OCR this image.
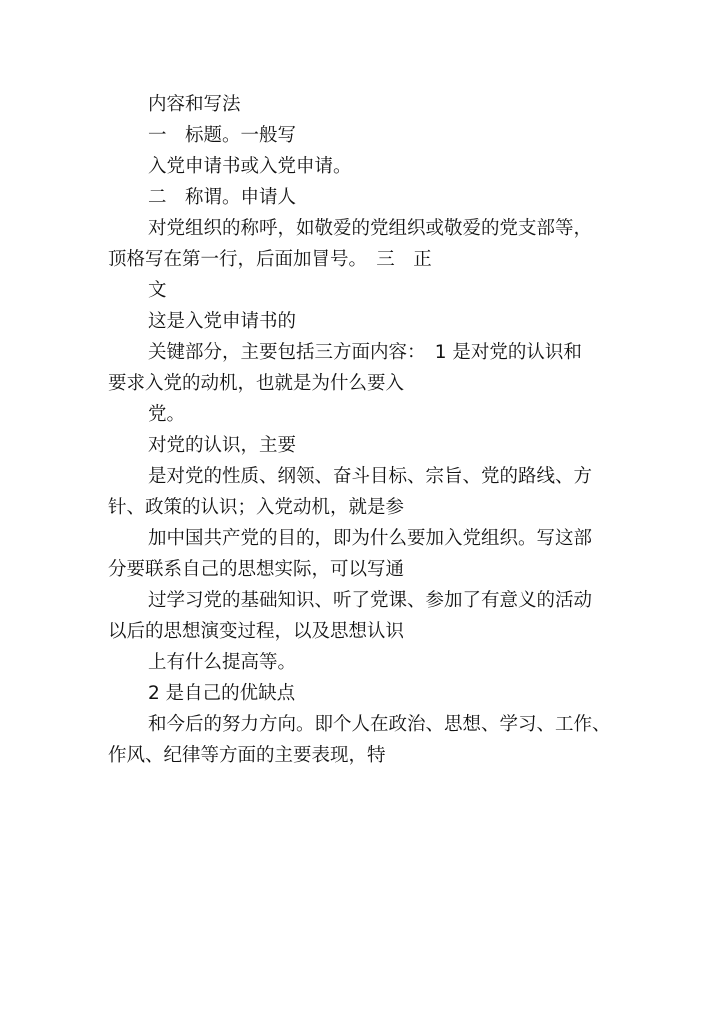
内容和写法

一　标题。一般写

入党申请书或入党申请。

二　称谓。申请人

对党组织的称呼，如敬爱的党组织或敬爱的党支部等，
顶格写在第一行，后面加冒号。　三　正

文

这是入党申请书的

关键部分，主要包括三方面内容：　1 是对党的认识和
要求入党的动机，也就是为什么要入

党。

对党的认识，主要

是对党的性质、纲领、奋斗目标、宗旨、党的路线、方
针、政策的认识；入党动机，就是参

加中国共产党的目的，即为什么要加入党组织。写这部
分要联系自己的思想实际，可以写通

过学习党的基础知识、听了党课、参加了有意义的活动
以后的思想演变过程，以及思想认识

上有什么提高等。

2 是自己的优缺点

和今后的努力方向。即个人在政治、思想、学习、工作、
作风、纪律等方面的主要表现，特
